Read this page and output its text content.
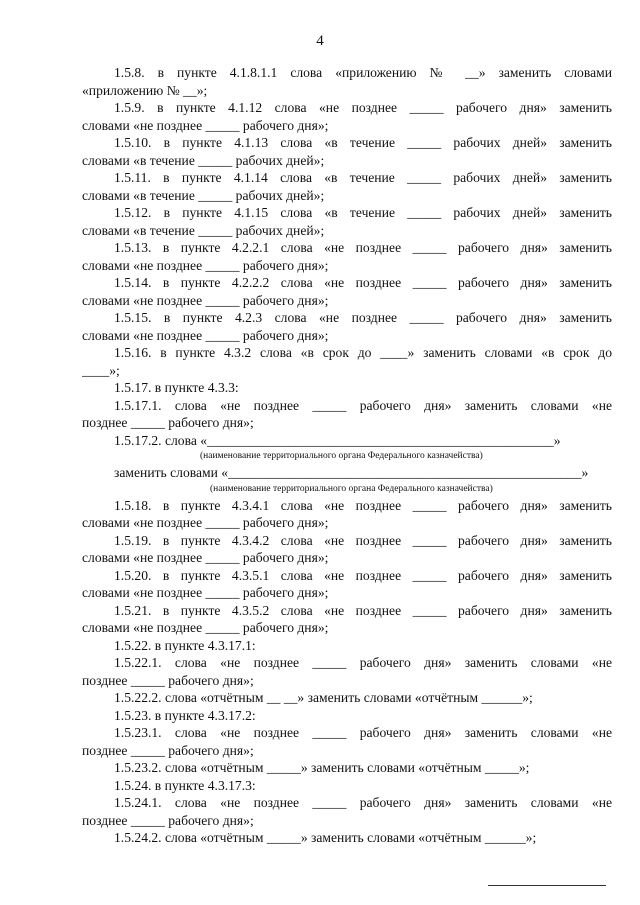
4
1.5.8. в пункте 4.1.8.1.1 слова «приложению № __» заменить словами
«приложению № __»;
1.5.9. в пункте 4.1.12 слова «не позднее _____ рабочего дня» заменить
словами «не позднее _____ рабочего дня»;
1.5.10. в пункте 4.1.13 слова «в течение _____ рабочих дней» заменить
словами «в течение _____ рабочих дней»;
1.5.11. в пункте 4.1.14 слова «в течение _____ рабочих дней» заменить
словами «в течение _____ рабочих дней»;
1.5.12. в пункте 4.1.15 слова «в течение _____ рабочих дней» заменить
словами «в течение _____ рабочих дней»;
1.5.13. в пункте 4.2.2.1 слова «не позднее _____ рабочего дня» заменить
словами «не позднее _____ рабочего дня»;
1.5.14. в пункте 4.2.2.2 слова «не позднее _____ рабочего дня» заменить
словами «не позднее _____ рабочего дня»;
1.5.15. в пункте 4.2.3 слова «не позднее _____ рабочего дня» заменить
словами «не позднее _____ рабочего дня»;
1.5.16. в пункте 4.3.2 слова «в срок до ____» заменить словами «в срок до
____»;
1.5.17. в пункте 4.3.3:
1.5.17.1. слова «не позднее _____ рабочего дня» заменить словами «не
позднее _____ рабочего дня»;
1.5.17.2. слова «___________________________________________________»
(наименование территориального органа Федерального казначейства)
заменить словами «____________________________________________________»
(наименование территориального органа Федерального казначейства)
1.5.18. в пункте 4.3.4.1 слова «не позднее _____ рабочего дня» заменить
словами «не позднее _____ рабочего дня»;
1.5.19. в пункте 4.3.4.2 слова «не позднее _____ рабочего дня» заменить
словами «не позднее _____ рабочего дня»;
1.5.20. в пункте 4.3.5.1 слова «не позднее _____ рабочего дня» заменить
словами «не позднее _____ рабочего дня»;
1.5.21. в пункте 4.3.5.2 слова «не позднее _____ рабочего дня» заменить
словами «не позднее _____ рабочего дня»;
1.5.22. в пункте 4.3.17.1:
1.5.22.1. слова «не позднее _____ рабочего дня» заменить словами «не
позднее _____ рабочего дня»;
1.5.22.2. слова «отчётным __ __» заменить словами «отчётным ______»;
1.5.23. в пункте 4.3.17.2:
1.5.23.1. слова «не позднее _____ рабочего дня» заменить словами «не
позднее _____ рабочего дня»;
1.5.23.2. слова «отчётным _____» заменить словами «отчётным _____»;
1.5.24. в пункте 4.3.17.3:
1.5.24.1. слова «не позднее _____ рабочего дня» заменить словами «не
позднее _____ рабочего дня»;
1.5.24.2. слова «отчётным _____» заменить словами «отчётным ______»;
